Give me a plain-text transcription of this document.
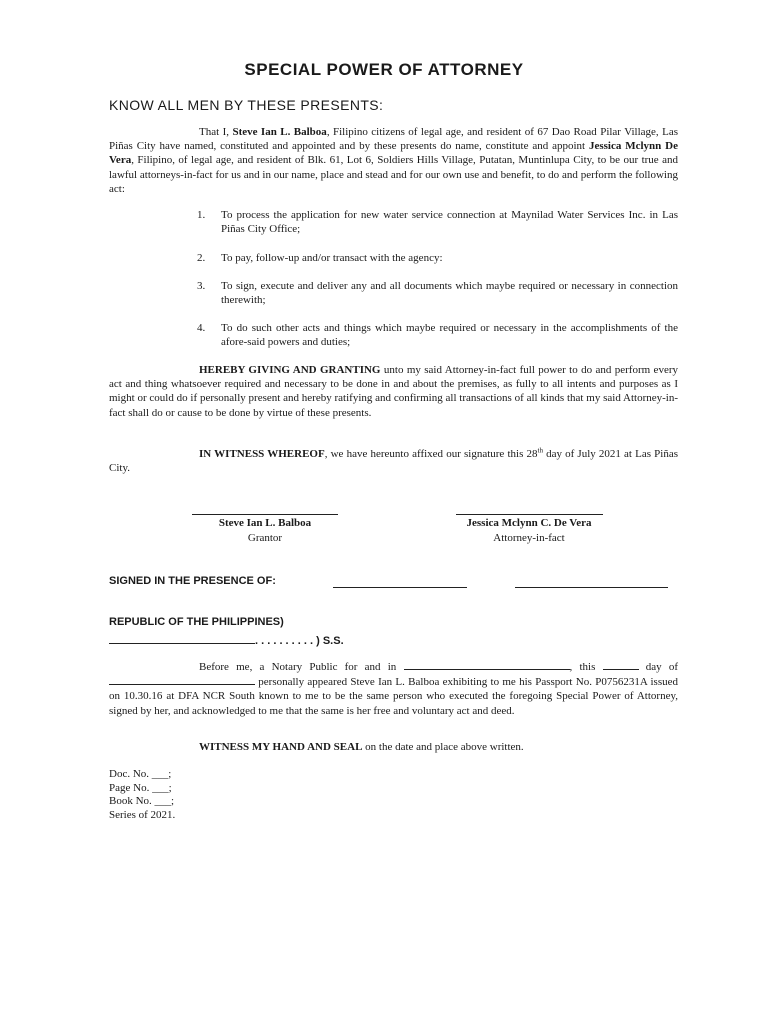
SPECIAL POWER OF ATTORNEY

KNOW ALL MEN BY THESE PRESENTS:

That I, Steve Ian L. Balboa, Filipino citizens of legal age, and resident of 67 Dao Road Pilar Village, Las Piñas City have named, constituted and appointed and by these presents do name, constitute and appoint Jessica Mclynn De Vera, Filipino, of legal age, and resident of Blk. 61, Lot 6, Soldiers Hills Village, Putatan, Muntinlupa City, to be our true and lawful attorneys-in-fact for us and in our name, place and stead and for our own use and benefit, to do and perform the following act:

1. To process the application for new water service connection at Maynilad Water Services Inc. in Las Piñas City Office;
2. To pay, follow-up and/or transact with the agency:
3. To sign, execute and deliver any and all documents which maybe required or necessary in connection therewith;
4. To do such other acts and things which maybe required or necessary in the accomplishments of the afore-said powers and duties;

HEREBY GIVING AND GRANTING unto my said Attorney-in-fact full power to do and perform every act and thing whatsoever required and necessary to be done in and about the premises, as fully to all intents and purposes as I might or could do if personally present and hereby ratifying and confirming all transactions of all kinds that my said Attorney-in-fact shall do or cause to be done by virtue of these presents.

IN WITNESS WHEREOF, we have hereunto affixed our signature this 28th day of July 2021 at Las Piñas City.

Steve Ian L. Balboa
Grantor
Jessica Mclynn C. De Vera
Attorney-in-fact

SIGNED IN THE PRESENCE OF:

REPUBLIC OF THE PHILIPPINES)

. . . . . . . . . . ) S.S.

Before me, a Notary Public for and in	, this	day of  personally appeared Steve Ian L. Balboa exhibiting to me his Passport No. P0756231A issued on 10.30.16 at DFA NCR South known to me to be the same person who executed the foregoing Special Power of Attorney, signed by her, and acknowledged to me that the same is her free and voluntary act and deed.

WITNESS MY HAND AND SEAL on the date and place above written.

Doc. No. ___;
Page No. ___;
Book No. ___;
Series of 2021.
